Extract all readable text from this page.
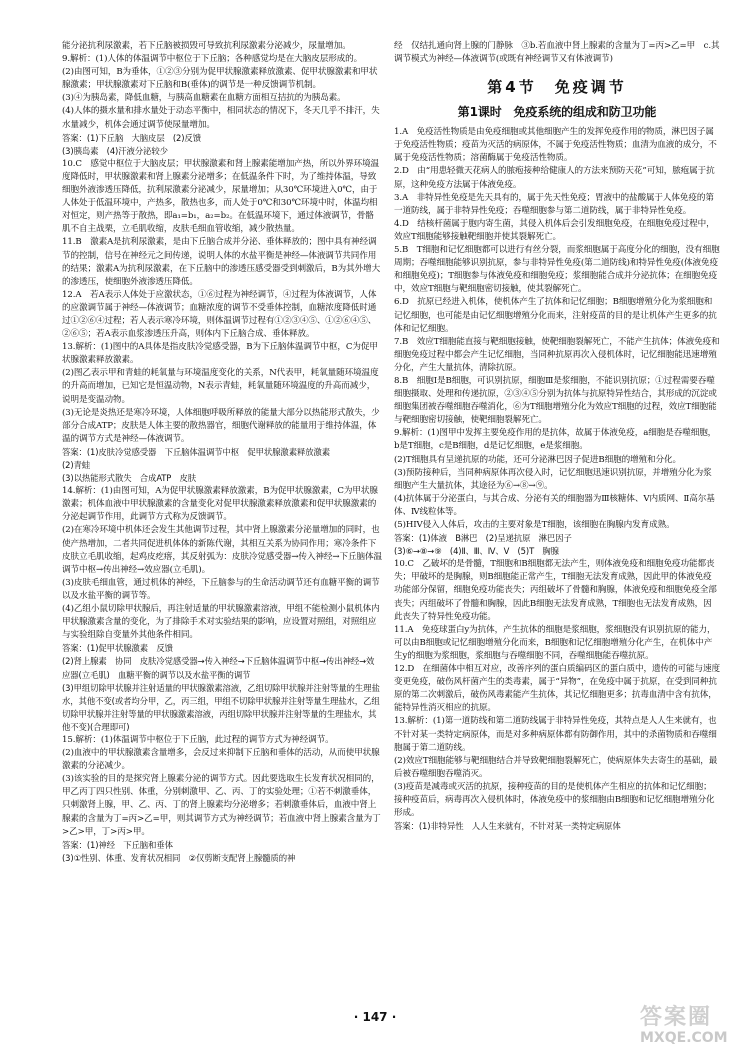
能分泌抗利尿激素，若下丘脑被损毁可导致抗利尿激素分泌减少，尿量增加。

9.解析：(1)人体的体温调节中枢位于下丘脑；各种感觉均是在大脑皮层形成的。

(2)由图可知，B为垂体，①②③分别为促甲状腺激素释放激素、促甲状腺激素和甲状腺激素；甲状腺激素对下丘脑和B(垂体)的调节是一种反馈调节机制。

(3)④为胰岛素，降低血糖，与胰高血糖素在血糖方面相互拮抗的为胰岛素。

(4)人体的摄水量和排水量处于动态平衡中，相同状态的情况下，冬天几乎不排汗，失水量减少，机体会通过调节使尿量增加。

答案：(1)下丘脑　大脑皮层　(2)反馈
(3)胰岛素　(4)汗液分泌较少

10.C　感觉中枢位于大脑皮层；甲状腺激素和肾上腺素能增加产热，所以外界环境温度降低时，甲状腺激素和肾上腺素分泌增多；在低温条件下时，为了维持体温，导致细胞外液渗透压降低，抗利尿激素分泌减少，尿量增加；从30℃环境进入0℃，由于人体处于低温环境中，产热多，散热也多，而人处于0℃和30℃环境中时，体温均相对恒定，则产热等于散热，即a₁=b₁，a₂=b₂。在低温环境下，通过体液调节，骨骼肌不自主战栗，立毛肌收缩，皮肤毛细血管收缩，减少散热量。

11.B　激素A是抗利尿激素，是由下丘脑合成并分泌、垂体释放的；图中具有神经调节的控制，信号在神经元之间传递，说明人体的水盐平衡是神经—体液调节共同作用的结果；激素A为抗利尿激素，在下丘脑中的渗透压感受器受到刺激后，B为其外增大的渗透压，使细胞外液渗透压降低。

12.A　若A表示人体处于应激状态，①⑥过程为神经调节，④过程为体液调节，人体的应激调节属于神经—体液调节；血糖浓度的调节不受垂体控制，血糖浓度降低时通过①②⑥④过程；若人表示寒冷环境，则体温调节过程有①②③④⑤、①②⑥④⑤、②⑥⑤；若A表示血浆渗透压升高，则体内下丘脑合成、垂体释放。

13.解析：(1)图中的A具体是指皮肤冷觉感受器，B为下丘脑体温调节中枢，C为促甲状腺激素释放激素。

(2)图乙表示甲和青蛙的耗氧量与环境温度变化的关系，N代表甲，耗氧量随环境温度的升高而增加，已知它是恒温动物，N表示青蛙，耗氧量随环境温度的升高而减少，说明是变温动物。

(3)无论是炎热还是寒冷环境，人体细胞呼吸所释放的能量大部分以热能形式散失，少部分合成ATP；皮肤是人体主要的散热器官，细胞代谢释放的能量用于维持体温，体温的调节方式是神经—体液调节。

答案：(1)皮肤冷觉感受器　下丘脑体温调节中枢　促甲状腺激素释放激素
(2)青蛙
(3)以热能形式散失　合成ATP　皮肤

14.解析：(1)由图可知，A为促甲状腺激素释放激素，B为促甲状腺激素，C为甲状腺激素；机体血液中甲状腺激素的含量变化对促甲状腺激素释放激素和促甲状腺激素的分泌起调节作用，此调节方式称为反馈调节。

(2)在寒冷环境中机体还会发生其他调节过程，其中肾上腺激素分泌量增加的同时，也使产热增加，二者共同促进机体体的新陈代谢，其相互关系为协同作用；寒冷条件下皮肤立毛肌收缩，起鸡皮疙瘩，其反射弧为：皮肤冷觉感受器→传入神经→下丘脑体温调节中枢→传出神经→效应器(立毛肌)。

(3)皮肤毛细血管，通过机体的神经，下丘脑参与的生命活动调节还有血糖平衡的调节以及水盐平衡的调节等。

(4)乙组小鼠切除甲状腺后，再注射适量的甲状腺激素溶液，甲组不能检测小鼠机体内甲状腺激素含量的变化，为了排除手术对实验结果的影响，应设置对照组，对照组应与实验组除自变量外其他条件相同。

答案：(1)促甲状腺激素　反馈
(2)肾上腺素　协同　皮肤冷觉感受器→传入神经→下丘脑体温调节中枢→传出神经→效应器(立毛肌)　血糖平衡的调节以及水盐平衡的调节
(3)甲组切除甲状腺并注射适量的甲状腺激素溶液，乙组切除甲状腺并注射等量的生理盐水，其他不变(或者均分甲，乙，丙三组，甲组不切除甲状腺并注射等量生理盐水，乙组切除甲状腺并注射等量的甲状腺激素溶液，丙组切除甲状腺并注射等量的生理盐水，其他不变)(合理即可)

15.解析：(1)体温调节中枢位于下丘脑，此过程的调节方式为神经调节。

(2)血液中的甲状腺激素含量增多，会反过来抑制下丘脑和垂体的活动，从而使甲状腺激素的分泌减少。

(3)该实验的目的是探究肾上腺素分泌的调节方式。因此要选取生长发育状况相同的，甲乙丙丁四只性别、体重，分别刺激甲、乙、丙、丁的实验处理；①若不刺激垂体，只刺激肾上腺，甲、乙、丙、丁的肾上腺素均分泌增多；若刺激垂体后，血液中肾上腺素的含量为丁=丙>乙=甲，则其调节方式为神经调节；若血液中肾上腺素含量为丁>乙>甲，丁>丙>甲。

答案：(1)神经　下丘脑和垂体
(3)①性别、体重、发育状况相同　②仅剪断支配肾上腺髓质的神

经　仅结扎通向肾上腺的门静脉　③b.若血液中肾上腺素的含量为丁=丙>乙=甲　c.其调节模式为神经—体液调节(或既有神经调节又有体液调节)

第4节　免疫调节
第1课时　免疫系统的组成和防卫功能

1.A　免疫活性物质是由免疫细胞或其他细胞产生的发挥免疫作用的物质，淋巴因子属于免疫活性物质；疫苗为灭活的病原体，不属于免疫活性物质；血清为血液的成分，不属于免疫活性物质；溶菌酶属于免疫活性物质。

2.D　由“用患轻微天花病人的脓疱接种给健康人的方法来预防天花”可知，脓疱属于抗原，这种免疫方法属于体液免疫。

3.A　非特异性免疫是先天具有的，属于先天性免疫；胃液中的盐酸属于人体免疫的第一道防线，属于非特异性免疫；吞噬细胞参与第二道防线，属于非特异性免疫。

4.D　结核杆菌属于胞内寄生菌，其侵入机体后会引发细胞免疫，在细胞免疫过程中，效应T细胞能够接触靶细胞并使其裂解死亡。

5.B　T细胞和记忆细胞都可以进行有丝分裂，而浆细胞属于高度分化的细胞，没有细胞周期；吞噬细胞能够识别抗原，参与非特异性免疫(第二道防线)和特异性免疫(体液免疫和细胞免疫)；T细胞参与体液免疫和细胞免疫；浆细胞能合成并分泌抗体；在细胞免疫中，效应T细胞与靶细胞密切接触，使其裂解死亡。

6.D　抗原已经进入机体，使机体产生了抗体和记忆细胞；B细胞增殖分化为浆细胞和记忆细胞，也可能是由记忆细胞增殖分化而来，注射疫苗的目的是让机体产生更多的抗体和记忆细胞。

7.B　效应T细胞能直接与靶细胞接触，使靶细胞裂解死亡，不能产生抗体；体液免疫和细胞免疫过程中都会产生记忆细胞，当同种抗原再次入侵机体时，记忆细胞能迅速增殖分化，产生大量抗体，清除抗原。

8.B　细胞Ⅰ是B细胞，可识别抗原，细胞Ⅲ是浆细胞，不能识别抗原；①过程需要吞噬细胞摄取、处理和传递抗原，②③④⑤分别为抗体与抗原特异性结合，其形成的沉淀或细胞集团被吞噬细胞吞噬消化，⑥为T细胞增殖分化为效应T细胞的过程，效应T细胞能与靶细胞密切接触，使靶细胞裂解死亡。

9.解析：(1)图甲中发挥主要免疫作用的是抗体，故属于体液免疫，a细胞是吞噬细胞，b是T细胞，c是B细胞，d是记忆细胞，e是浆细胞。

(2)T细胞具有呈递抗原的功能，还可分泌淋巴因子促进B细胞的增殖和分化。

(3)预防接种后，当同种病原体再次侵入时，记忆细胞迅速识别抗原，并增殖分化为浆细胞产生大量抗体，其途径为⑥→⑧→⑨。

(4)抗体属于分泌蛋白，与其合成、分泌有关的细胞器为Ⅲ核糖体、Ⅴ内质网、Ⅱ高尔基体、Ⅳ线粒体等。

(5)HIV侵入人体后，攻击的主要对象是T细胞，该细胞在胸腺内发育成熟。

答案：(1)体液　B淋巴　(2)呈递抗原　淋巴因子
(3)⑥→⑧→⑨　(4)Ⅱ、Ⅲ、Ⅳ、Ⅴ　(5)T　胸腺

10.C　乙破坏的是骨髓，T细胞和B细胞都无法产生，则体液免疫和细胞免疫功能都丧失；甲破坏的是胸腺，则B细胞能正常产生，T细胞无法发育成熟，因此甲的体液免疫功能部分保留，细胞免疫功能丧失；丙组破坏了骨髓和胸腺，体液免疫和细胞免疫全部丧失；丙组破坏了骨髓和胸腺，因此B细胞无法发育成熟，T细胞也无法发育成熟，因此丧失了特异性免疫功能。

11.A　免疫球蛋白y为抗体，产生抗体的细胞是浆细胞，浆细胞没有识别抗原的能力，可以由B细胞或记忆细胞增殖分化而来，B细胞和记忆细胞增殖分化产生，在机体中产生y的细胞为浆细胞，浆细胞与吞噬细胞不同，吞噬细胞能吞噬抗原。

12.D　在细菌体中相互对应，改善序列的蛋白质编码区的蛋白质中，遗传的可能与速度变更免疫，破伤风杆菌产生的类毒素，属于“异物”，在免疫中属于抗原，在受到同种抗原的第二次刺激后，破伤风毒素能产生抗体，其记忆细胞更多；抗毒血清中含有抗体，能特异性消灭相应的抗原。

13.解析：(1)第一道防线和第二道防线属于非特异性免疫，其特点是人人生来就有，也不针对某一类特定病原体，而是对多种病原体都有防御作用，其中的杀菌物质和吞噬细胞属于第二道防线。

(2)效应T细胞能够与靶细胞结合并导致靶细胞裂解死亡，使病原体失去寄生的基础，最后被吞噬细胞吞噬消灭。

(3)疫苗是减毒或灭活的抗原，接种疫苗的目的是使机体产生相应的抗体和记忆细胞；接种疫苗后，病毒再次入侵机体时，体液免疫中的浆细胞由B细胞和记忆细胞增殖分化形成。

答案：(1)非特异性　人人生来就有，不针对某一类特定病原体

· 147 ·	答案圈
MXQE.COM
